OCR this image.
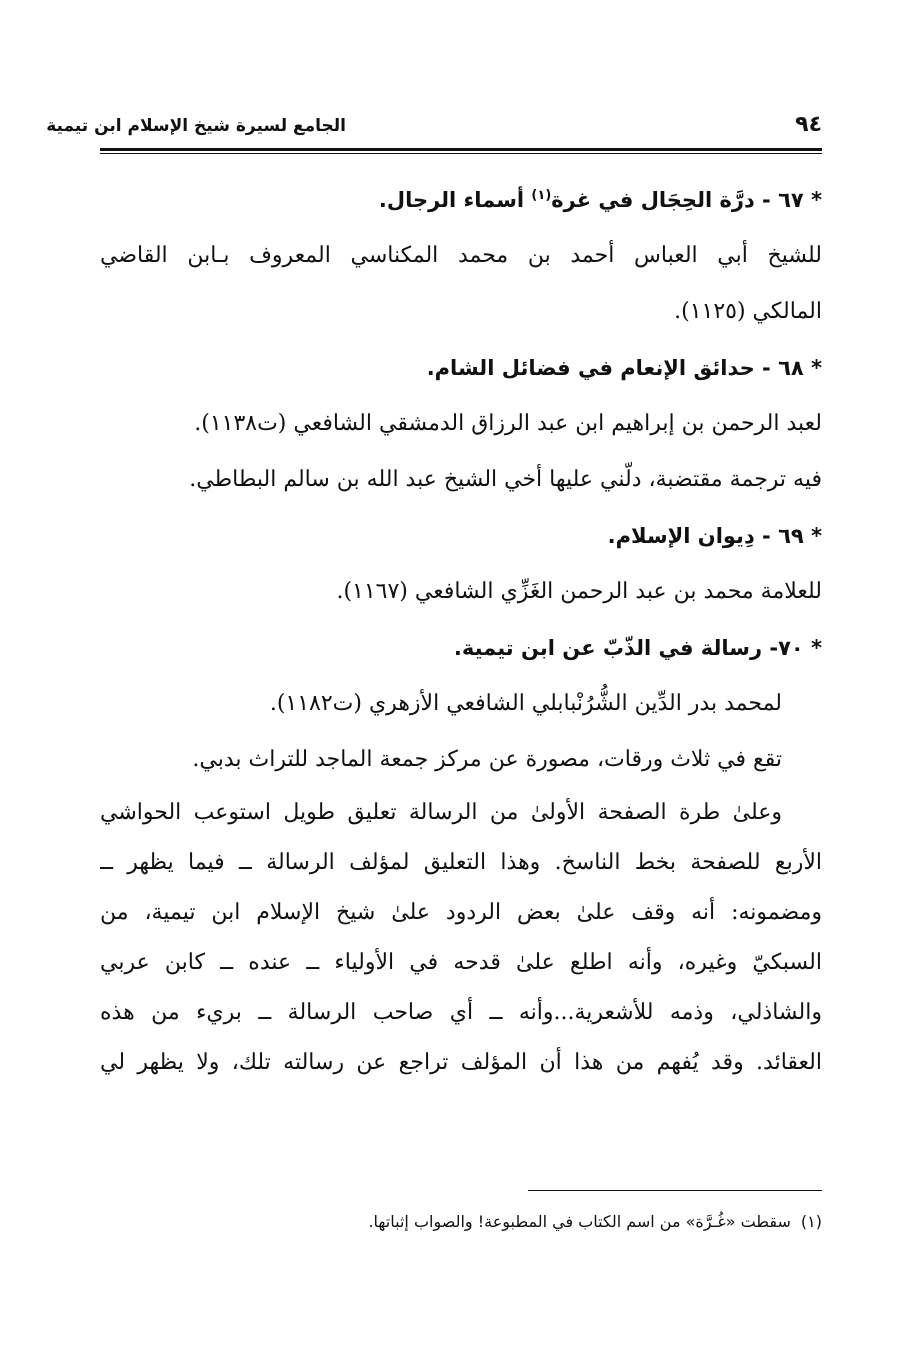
٩٤
الجامع لسيرة شيخ الإسلام ابن تيمية
* ٦٧ - درَّة الحِجَال في غرة$^{(١)}$ أسماء الرجال.
للشيخ أبي العباس أحمد بن محمد المكناسي المعروف بـابن القاضي
المالكي (١١٢٥).
* ٦٨ - حدائق الإنعام في فضائل الشام.
لعبد الرحمن بن إبراهيم ابن عبد الرزاق الدمشقي الشافعي (ت١١٣٨).
فيه ترجمة مقتضبة، دلّني عليها أخي الشيخ عبد الله بن سالم البطاطي.
* ٦٩ - دِيوان الإسلام.
للعلامة محمد بن عبد الرحمن الغَزِّي الشافعي (١١٦٧).
* ٧٠- رسالة في الذّبّ عن ابن تيمية.
لمحمد بدر الدِّين الشُّرُنْبابلي الشافعي الأزهري (ت١١٨٢).
تقع في ثلاث ورقات، مصورة عن مركز جمعة الماجد للتراث بدبي.
وعلىٰ طرة الصفحة الأولىٰ من الرسالة تعليق طويل استوعب الحواشي
الأربع للصفحة بخط الناسخ. وهذا التعليق لمؤلف الرسالة ــ فيما يظهر ــ
ومضمونه: أنه وقف علىٰ بعض الردود علىٰ شيخ الإسلام ابن تيمية، من
السبكيّ وغيره، وأنه اطلع علىٰ قدحه في الأولياء ــ عنده ــ كابن عربي
والشاذلي، وذمه للأشعرية...وأنه ــ أي صاحب الرسالة ــ بريء من هذه
العقائد. وقد يُفهم من هذا أن المؤلف تراجع عن رسالته تلك، ولا يظهر لي
(١)سقطت «غُـرَّة» من اسم الكتاب في المطبوعة! والصواب إثباتها.
